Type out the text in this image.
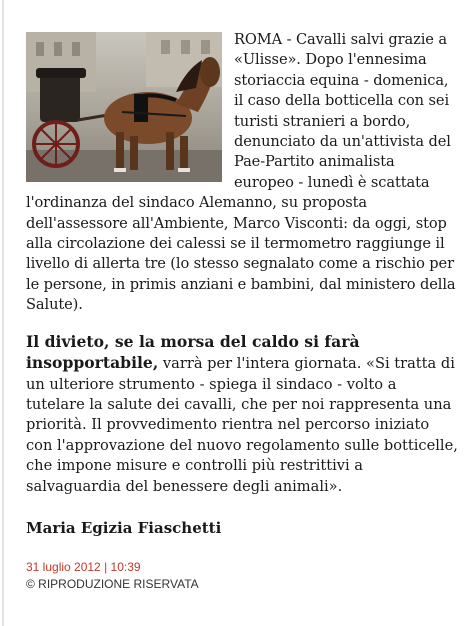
ROMA - Cavalli salvi grazie a «Ulisse». Dopo l'ennesima storiaccia equina - domenica, il caso della botticella con sei turisti stranieri a bordo, denunciato da un'attivista del Pae-Partito animalista europeo - lunedì è scattata l'ordinanza del sindaco Alemanno, su proposta dell'assessore all'Ambiente, Marco Visconti: da oggi, stop alla circolazione dei calessi se il termometro raggiunge il livello di allerta tre (lo stesso segnalato come a rischio per le persone, in primis anziani e bambini, dal ministero della Salute).

Il divieto, se la morsa del caldo si farà insopportabile, varrà per l'intera giornata. «Si tratta di un ulteriore strumento - spiega il sindaco - volto a tutelare la salute dei cavalli, che per noi rappresenta una priorità. Il provvedimento rientra nel percorso iniziato con l'approvazione del nuovo regolamento sulle botticelle, che impone misure e controlli più restrittivi a salvaguardia del benessere degli animali».

Maria Egizia Fiaschetti
31 luglio 2012 | 10:39
© RIPRODUZIONE RISERVATA
